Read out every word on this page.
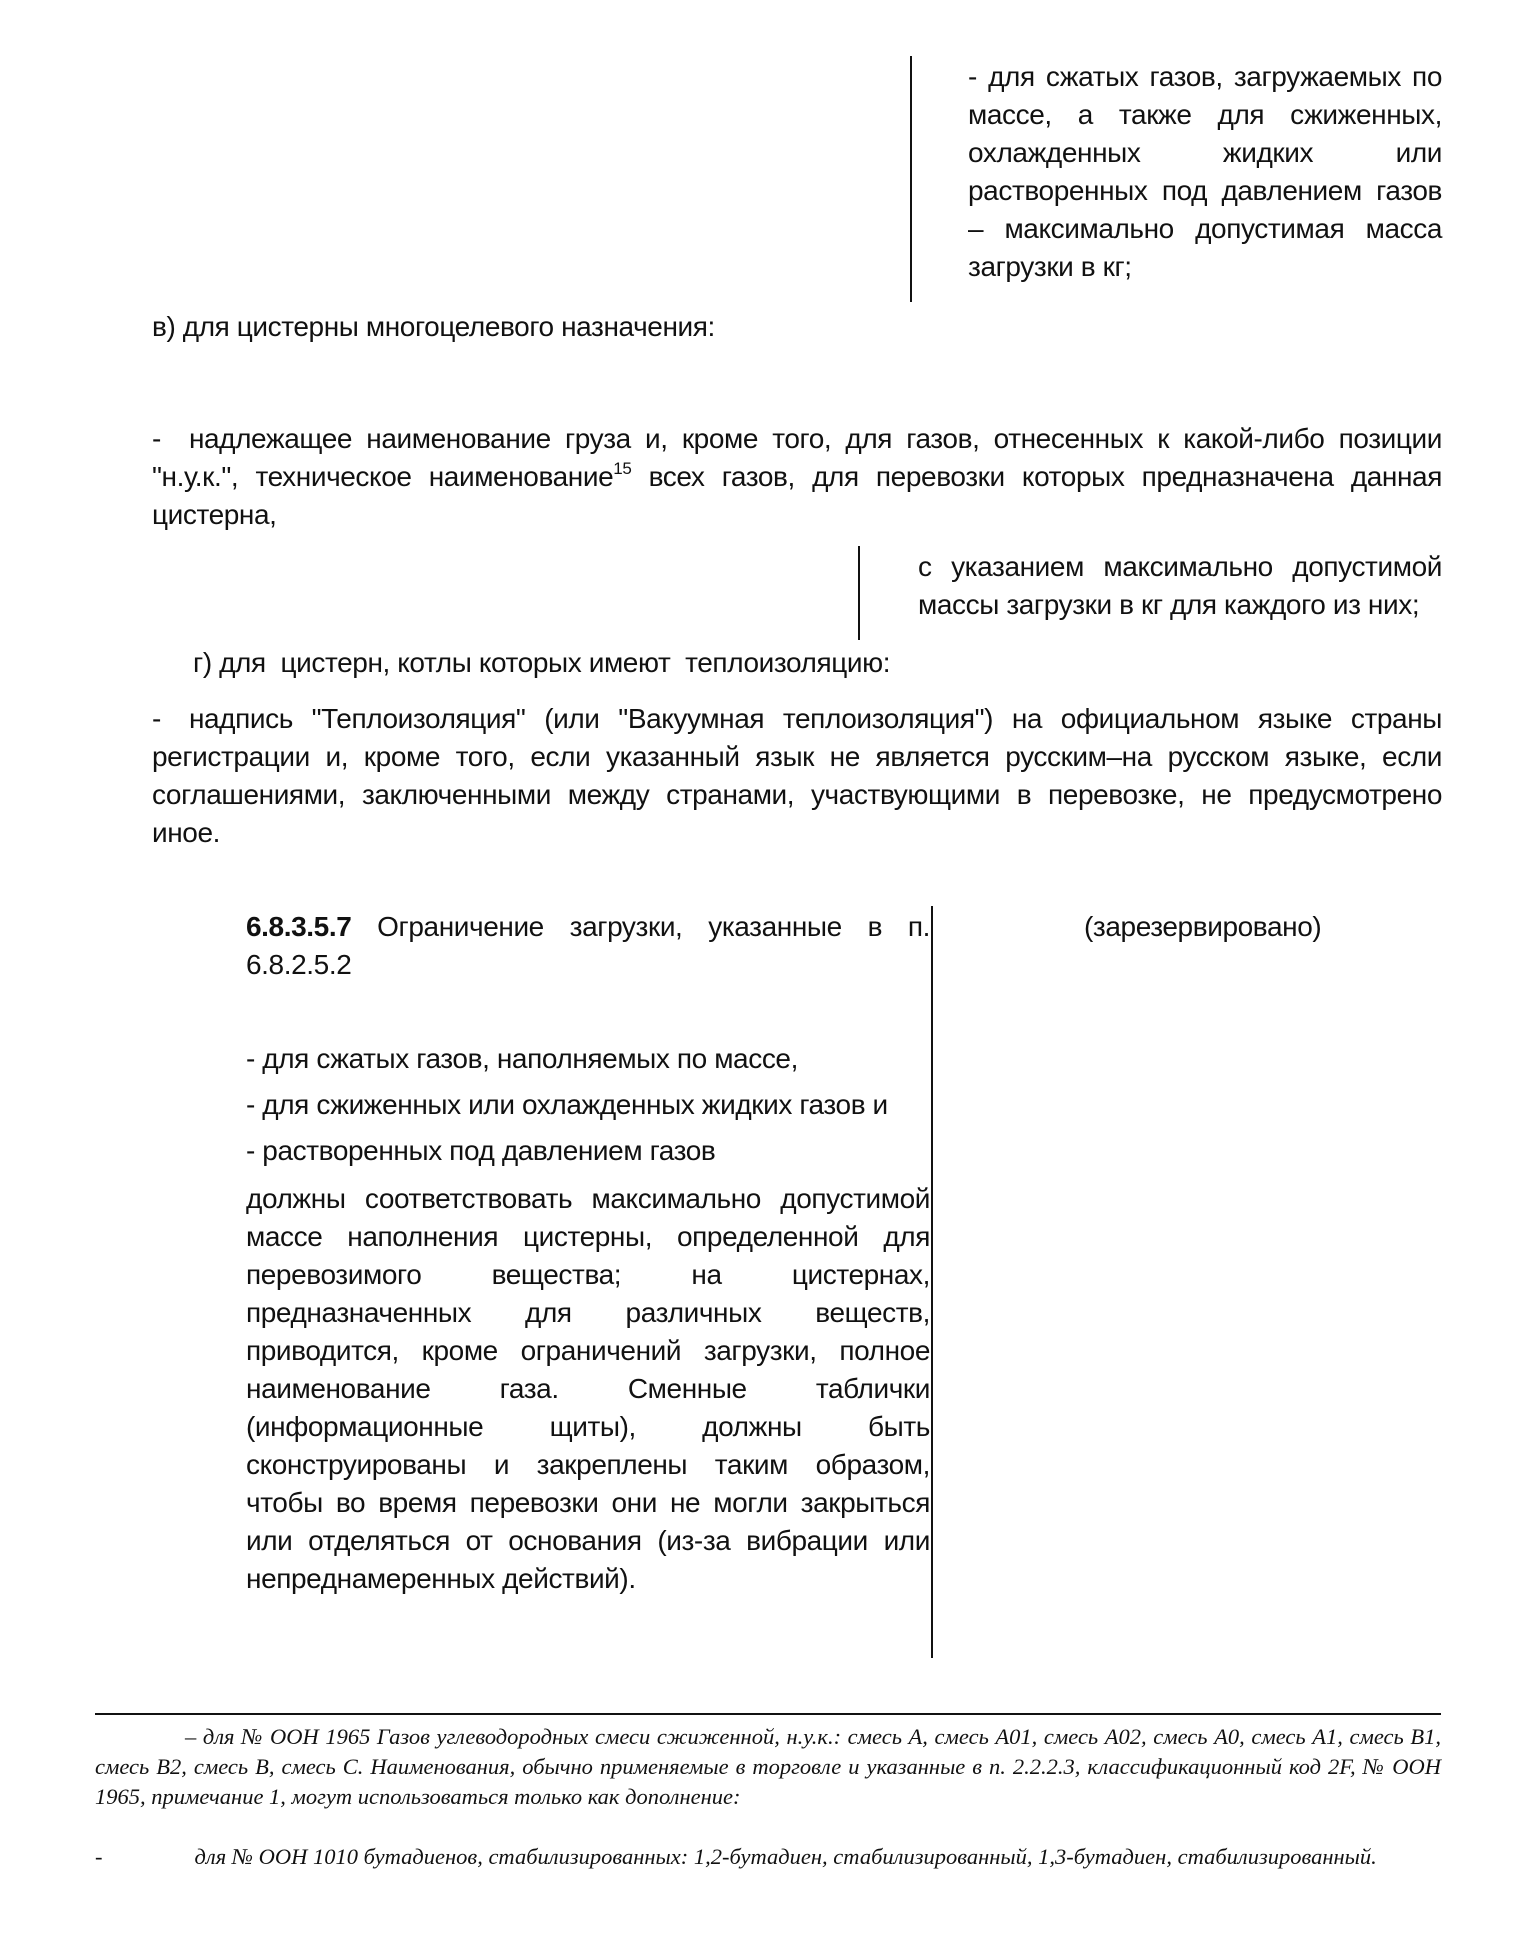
- для сжатых газов, загружаемых по массе, а также для сжиженных, охлажденных жидких или растворенных под давлением газов – максимально допустимая масса загрузки в кг;
в) для цистерны многоцелевого назначения:
- надлежащее наименование груза и, кроме того, для газов, отнесенных к какой-либо позиции "н.у.к.", техническое наименование$^{15}$ всех газов, для перевозки которых предназначена данная цистерна,
с указанием максимально допустимой массы загрузки в кг для каждого из них;
г) для  цистерн, котлы которых имеют  теплоизоляцию:
- надпись "Теплоизоляция" (или "Вакуумная теплоизоляция") на официальном языке страны регистрации и, кроме того, если указанный язык не является русским–на русском языке, если соглашениями, заключенными между странами, участвующими в перевозке, не предусмотрено иное.
6.8.3.5.7 Ограничение загрузки, указанные в п. 6.8.2.5.2
(зарезервировано)
- для сжатых газов, наполняемых по массе,
- для сжиженных или охлажденных жидких газов и
- растворенных под давлением газов
должны соответствовать максимально допустимой массе наполнения цистерны, определенной для перевозимого вещества; на цистернах, предназначенных для различных веществ, приводится, кроме ограничений загрузки, полное наименование газа. Сменные таблички (информационные щиты), должны быть сконструированы и закреплены таким образом, чтобы во время перевозки они не могли закрыться или отделяться от основания (из-за вибрации или непреднамеренных действий).
– для № ООН 1965 Газов углеводородных смеси сжиженной, н.у.к.: смесь А, смесь А01, смесь А02, смесь А0, смесь А1, смесь В1, смесь В2, смесь В, смесь С. Наименования, обычно применяемые в торговле и указанные в п. 2.2.2.3, классификационный код 2F, № ООН 1965, примечание 1, могут использоваться только как дополнение:
-	для № ООН 1010 бутадиенов, стабилизированных: 1,2-бутадиен, стабилизированный, 1,3-бутадиен, стабилизированный.
